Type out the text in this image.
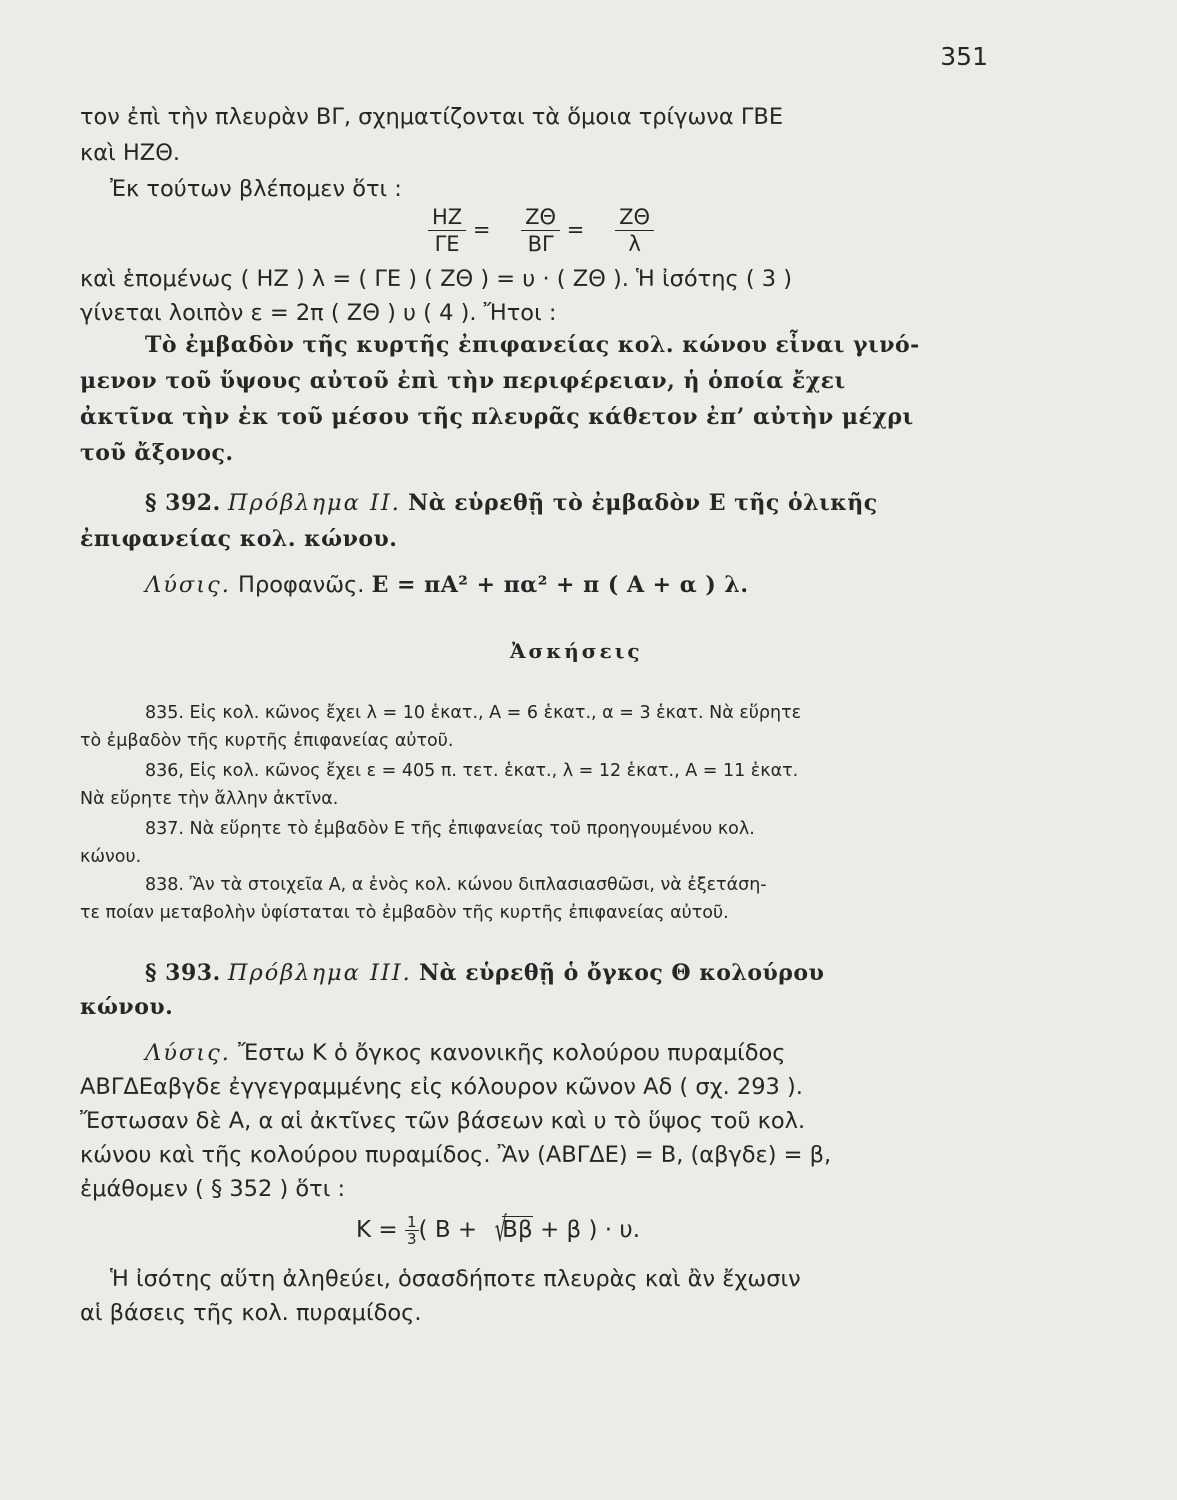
351
τον ἐπὶ τὴν πλευρὰν ΒΓ, σχηματίζονται τὰ ὅμοια τρίγωνα ΓΒΕ
καὶ ΗΖΘ.
Ἐκ τούτων βλέπομεν ὅτι :
$\frac{HZ}{\Gamma E} = \frac{Z\Theta}{B\Gamma} = \frac{Z\Theta}{\lambda}$
καὶ ἑπομένως ( ΗΖ ) λ = ( ΓΕ ) ( ΖΘ ) = υ · ( ΖΘ ). Ἡ ἰσότης ( 3 )
γίνεται λοιπὸν ε = 2π ( ΖΘ ) υ ( 4 ). Ἤτοι :
Τὸ ἐμβαδὸν τῆς κυρτῆς ἐπιφανείας κολ. κώνου εἶναι γινό-
μενον τοῦ ὕψους αὐτοῦ ἐπὶ τὴν περιφέρειαν, ἡ ὁποία ἔχει
ἀκτῖνα τὴν ἐκ τοῦ μέσου τῆς πλευρᾶς κάθετον ἐπ’ αὐτὴν μέχρι
τοῦ ἄξονος.
§ 392. Πρόβλημα ΙΙ. Νὰ εὑρεθῇ τὸ ἐμβαδὸν Ε τῆς ὁλικῆς
ἐπιφανείας κολ. κώνου.
Λύσις. Προφανῶς. Ε = πΑ² + πα² + π ( Α + α ) λ.
Ἀσκήσεις
835. Εἰς κολ. κῶνος ἔχει λ = 10 ἑκατ., Α = 6 ἑκατ., α = 3 ἑκατ. Νὰ εὕρητε
τὸ ἐμβαδὸν τῆς κυρτῆς ἐπιφανείας αὐτοῦ.
836, Εἰς κολ. κῶνος ἔχει ε = 405 π. τετ. ἑκατ., λ = 12 ἑκατ., Α = 11 ἑκατ.
Νὰ εὕρητε τὴν ἄλλην ἀκτῖνα.
837. Νὰ εὕρητε τὸ ἐμβαδὸν Ε τῆς ἐπιφανείας τοῦ προηγουμένου κολ.
κώνου.
838. Ἂν τὰ στοιχεῖα Α, α ἑνὸς κολ. κώνου διπλασιασθῶσι, νὰ ἐξετάση-
τε ποίαν μεταβολὴν ὑφίσταται τὸ ἐμβαδὸν τῆς κυρτῆς ἐπιφανείας αὐτοῦ.
§ 393. Πρόβλημα ΙΙΙ. Νὰ εὑρεθῇ ὁ ὄγκος Θ κολούρου
κώνου.
Λύσις. Ἔστω Κ ὁ ὄγκος κανονικῆς κολούρου πυραμίδος
ΑΒΓΔΕαβγδε ἐγγεγραμμένης εἰς κόλουρον κῶνον Αδ ( σχ. 293 ).
Ἔστωσαν δὲ Α, α αἱ ἀκτῖνες τῶν βάσεων καὶ υ τὸ ὕψος τοῦ κολ.
κώνου καὶ τῆς κολούρου πυραμίδος. Ἂν (ΑΒΓΔΕ) = Β, (αβγδε) = β,
ἐμάθομεν ( § 352 ) ὅτι :
$K = \frac{1}{3}$ ( Β + √Ββ + β ) · υ.
Ἡ ἰσότης αὕτη ἀληθεύει, ὁσασδήποτε πλευρὰς καὶ ἂν ἔχωσιν
αἱ βάσεις τῆς κολ. πυραμίδος.
